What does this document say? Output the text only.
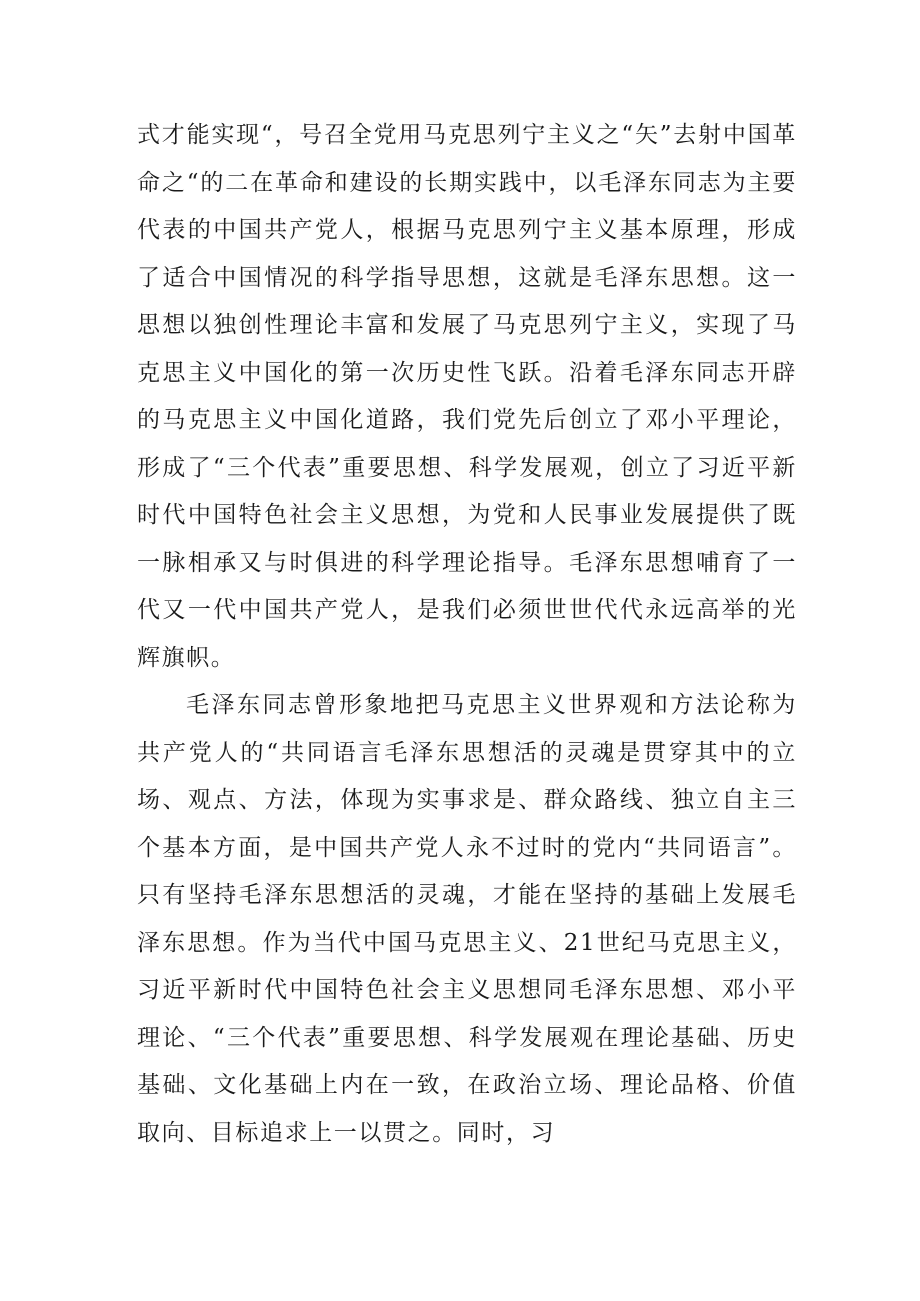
式才能实现“，号召全党用马克思列宁主义之“矢”去射中国革命之“的二在革命和建设的长期实践中，以毛泽东同志为主要代表的中国共产党人，根据马克思列宁主义基本原理，形成了适合中国情况的科学指导思想，这就是毛泽东思想。这一思想以独创性理论丰富和发展了马克思列宁主义，实现了马克思主义中国化的第一次历史性飞跃。沿着毛泽东同志开辟的马克思主义中国化道路，我们党先后创立了邓小平理论，形成了“三个代表”重要思想、科学发展观，创立了习近平新时代中国特色社会主义思想，为党和人民事业发展提供了既一脉相承又与时俱进的科学理论指导。毛泽东思想哺育了一代又一代中国共产党人，是我们必须世世代代永远高举的光辉旗帜。

毛泽东同志曾形象地把马克思主义世界观和方法论称为共产党人的“共同语言毛泽东思想活的灵魂是贯穿其中的立场、观点、方法，体现为实事求是、群众路线、独立自主三个基本方面，是中国共产党人永不过时的党内“共同语言”。只有坚持毛泽东思想活的灵魂，才能在坚持的基础上发展毛泽东思想。作为当代中国马克思主义、21世纪马克思主义，习近平新时代中国特色社会主义思想同毛泽东思想、邓小平理论、“三个代表”重要思想、科学发展观在理论基础、历史基础、文化基础上内在一致，在政治立场、理论品格、价值取向、目标追求上一以贯之。同时，习
